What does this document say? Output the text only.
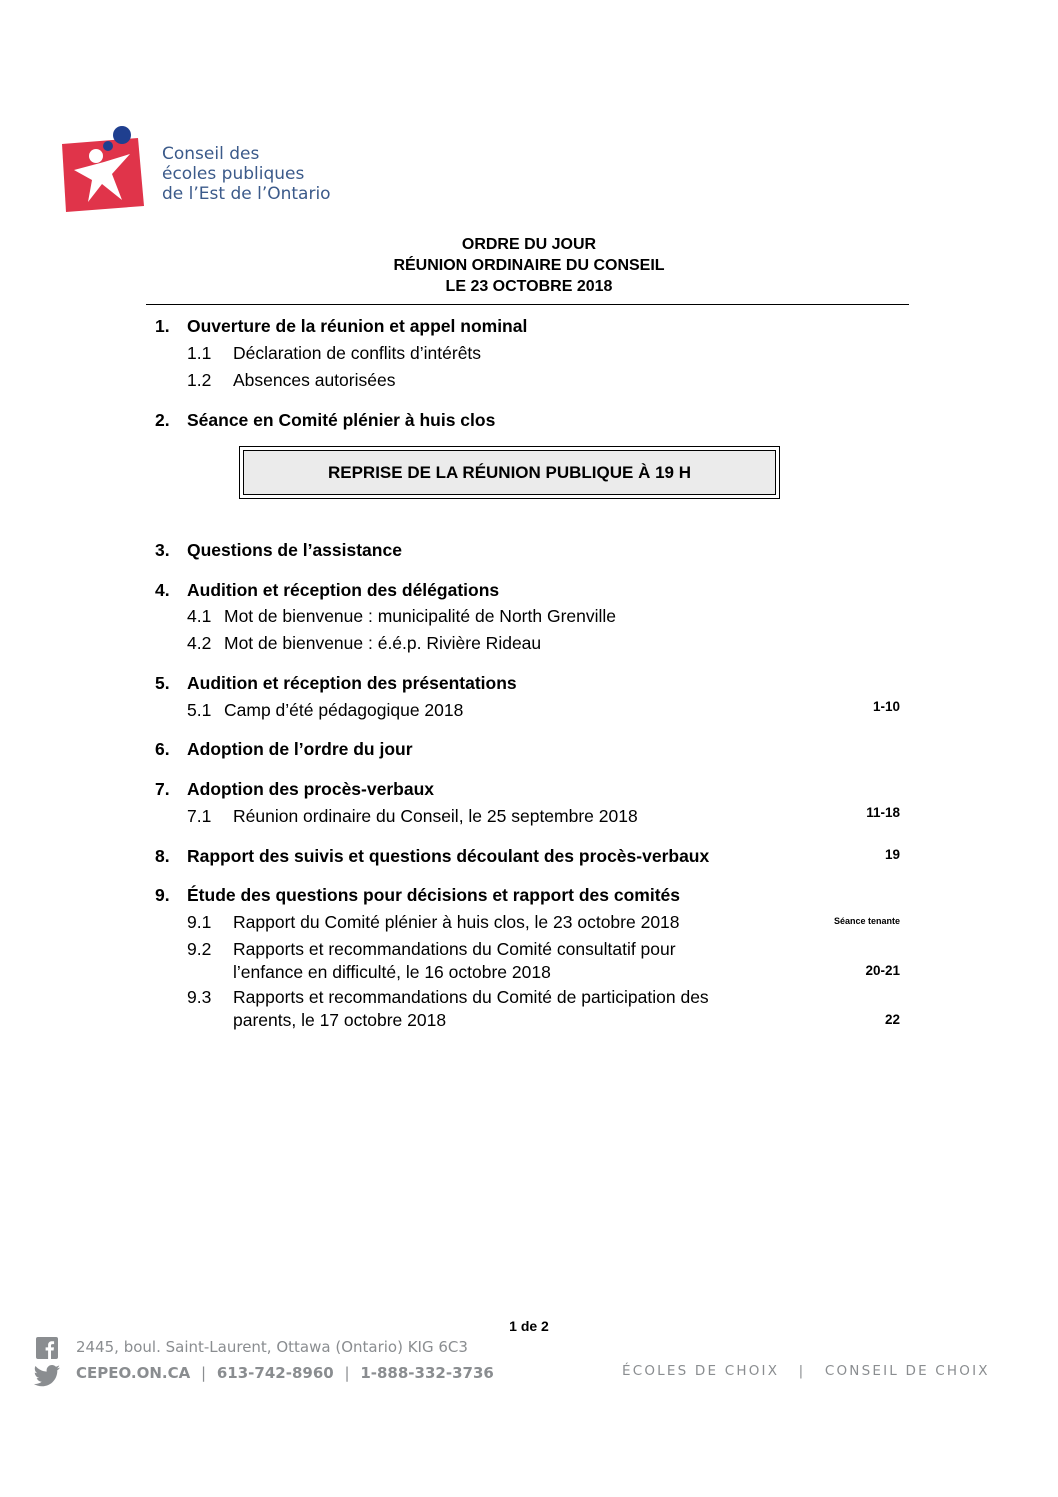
Conseil des
écoles publiques
de l’Est de l’Ontario
ORDRE DU JOUR
RÉUNION ORDINAIRE DU CONSEIL
LE 23 OCTOBRE 2018
1. Ouverture de la réunion et appel nominal
1.1 Déclaration de conflits d’intérêts
1.2 Absences autorisées
2. Séance en Comité plénier à huis clos
REPRISE DE LA RÉUNION PUBLIQUE À 19 H
3. Questions de l’assistance
4. Audition et réception des délégations
4.1 Mot de bienvenue : municipalité de North Grenville
4.2 Mot de bienvenue : é.é.p. Rivière Rideau
5. Audition et réception des présentations
5.1 Camp d’été pédagogique 2018	1-10
6. Adoption de l’ordre du jour
7. Adoption des procès-verbaux
7.1 Réunion ordinaire du Conseil, le 25 septembre 2018	11-18
8. Rapport des suivis et questions découlant des procès-verbaux	19
9. Étude des questions pour décisions et rapport des comités
9.1 Rapport du Comité plénier à huis clos, le 23 octobre 2018	Séance tenante
9.2 Rapports et recommandations du Comité consultatif pour
l’enfance en difficulté, le 16 octobre 2018	20-21
9.3 Rapports et recommandations du Comité de participation des
parents, le 17 octobre 2018	22
1 de 2
2445, boul. Saint-Laurent, Ottawa (Ontario) KIG 6C3
CEPEO.ON.CA | 613-742-8960 | 1-888-332-3736	ÉCOLES DE CHOIX   |   CONSEIL DE CHOIX
